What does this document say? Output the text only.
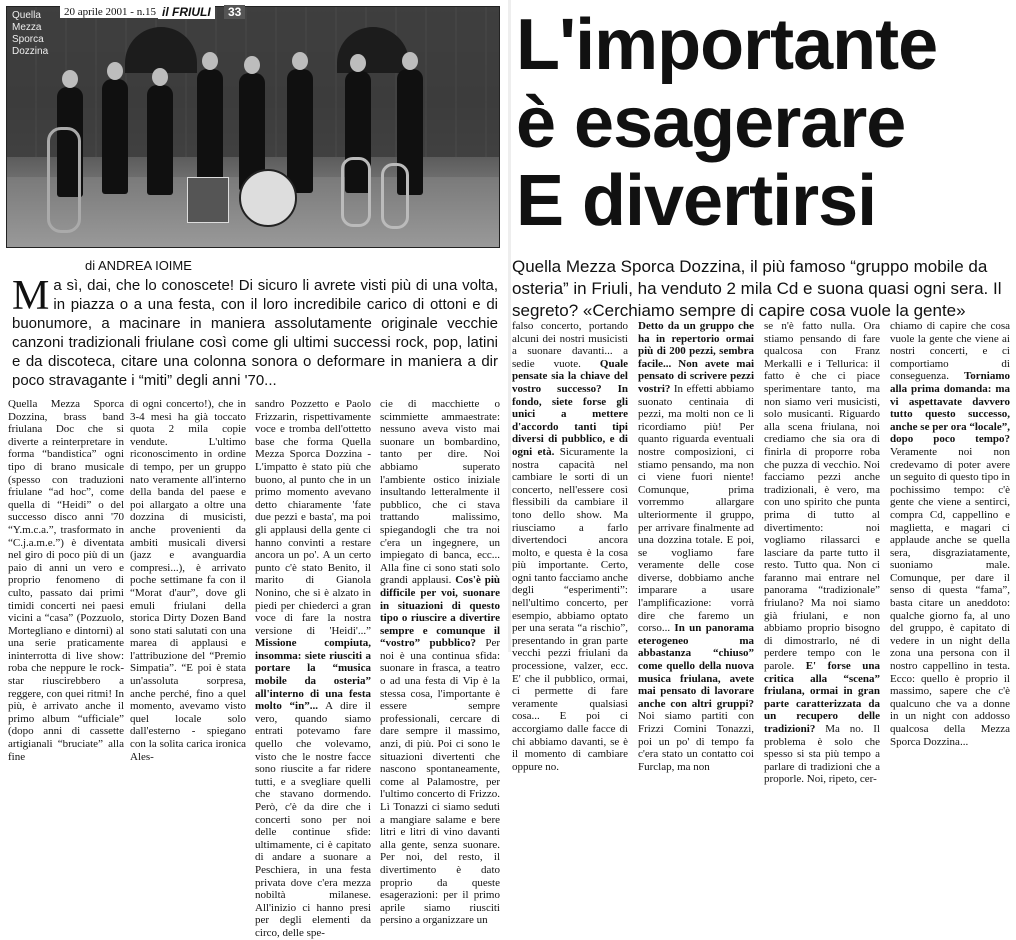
Quella Mezza Sporca Dozzina
20 aprile 2001 - n.15 il FRIULI	33
di ANDREA IOIME
Ma sì, dai, che lo conoscete! Di sicuro li avrete visti più di una volta, in piazza o a una festa, con il loro incredibile carico di ottoni e di buonumore, a macinare in maniera assolutamente originale vecchie canzoni tradizionali friulane così come gli ultimi successi rock, pop, latini e da discoteca, citare una colonna sonora o deformare in maniera a dir poco stravagante i “miti” degli anni '70...
Quella Mezza Sporca Dozzina, brass band friulana Doc che si diverte a reinterpretare in forma “bandistica” ogni tipo di brano musicale (spesso con traduzioni friulane “ad hoc”, come quella di “Heidi” o del successo disco anni '70 “Y.m.c.a.”, trasformato in “C.j.a.m.e.”) è diventata nel giro di poco più di un paio di anni un vero e proprio fenomeno di culto, passato dai primi timidi concerti nei paesi vicini a “casa” (Pozzuolo, Mortegliano e dintorni) al una serie praticamente ininterrotta di live show: roba che neppure le rock-star riuscirebbero a reggere, con quei ritmi! In più, è arrivato anche il primo album “ufficiale” (dopo anni di cassette artigianali “bruciate” alla fine
di ogni concerto!), che in 3-4 mesi ha già toccato quota 2 mila copie vendute. L'ultimo riconoscimento in ordine di tempo, per un gruppo nato veramente all'interno della banda del paese e poi allargato a oltre una dozzina di musicisti, anche provenienti da ambiti musicali diversi (jazz e avanguardia compresi...), è arrivato poche settimane fa con il “Morat d'aur”, dove gli emuli friulani della storica Dirty Dozen Band sono stati salutati con una marea di applausi e l'attribuzione del “Premio Simpatia”. “E poi è stata un'assoluta sorpresa, anche perché, fino a quel momento, avevamo visto quel locale solo dall'esterno - spiegano con la solita carica ironica Ales-
sandro Pozzetto e Paolo Frizzarin, rispettivamente voce e tromba dell'ottetto base che forma Quella Mezza Sporca Dozzina - L'impatto è stato più che buono, al punto che in un primo momento avevano detto chiaramente 'fate due pezzi e basta', ma poi gli applausi della gente ci hanno convinti a restare ancora un po'. A un certo punto c'è stato Benito, il marito di Gianola Nonino, che si è alzato in piedi per chiederci a gran voce di fare la nostra versione di 'Heidi'...” Missione compiuta, insomma: siete riusciti a portare la “musica mobile da osteria” all'interno di una festa molto “in”... A dire il vero, quando siamo entrati potevamo fare quello che volevamo, visto che le nostre facce sono riuscite a far ridere tutti, e a svegliare quelli che stavano dormendo. Però, c'è da dire che i concerti sono per noi delle continue sfide: ultimamente, ci è capitato di andare a suonare a Peschiera, in una festa privata dove c'era mezza nobiltà milanese. All'inizio ci hanno presi per degli elementi da circo, delle spe-
cie di macchiette o scimmiette ammaestrate: nessuno aveva visto mai suonare un bombardino, tanto per dire. Noi abbiamo superato l'ambiente ostico iniziale insultando letteralmente il pubblico, che ci stava trattando malissimo, spiegandogli che tra noi c'era un ingegnere, un impiegato di banca, ecc... Alla fine ci sono stati solo grandi applausi. Cos'è più difficile per voi, suonare in situazioni di questo tipo o riuscire a divertire sempre e comunque il “vostro” pubblico? Per noi è una continua sfida: suonare in frasca, a teatro o ad una festa di Vip è la stessa cosa, l'importante è essere sempre professionali, cercare di dare sempre il massimo, anzi, di più. Poi ci sono le situazioni divertenti che nascono spontaneamente, come al Palamostre, per l'ultimo concerto di Frizzo. Lì Tonazzi ci siamo seduti a mangiare salame e bere litri e litri di vino davanti alla gente, senza suonare. Per noi, del resto, il divertimento è dato proprio da queste esagerazioni: per il primo aprile siamo riusciti persino a organizzare un
L'importante
è esagerare
E divertirsi
Quella Mezza Sporca Dozzina, il più famoso “gruppo mobile da osteria” in Friuli, ha venduto 2 mila Cd e suona quasi ogni sera. Il segreto? «Cerchiamo sempre di capire cosa vuole la gente»
falso concerto, portando alcuni dei nostri musicisti a suonare davanti... a sedie vuote. Quale pensate sia la chiave del vostro successo? In fondo, siete forse gli unici a mettere d'accordo tanti tipi diversi di pubblico, e di ogni età. Sicuramente la nostra capacità nel cambiare le sorti di un concerto, nell'essere così flessibili da cambiare il tono dello show. Ma riusciamo a farlo divertendoci ancora molto, e questa è la cosa più importante. Certo, ogni tanto facciamo anche degli “esperimenti”: nell'ultimo concerto, per esempio, abbiamo optato per una serata “a rischio”, presentando in gran parte vecchi pezzi friulani da processione, valzer, ecc. E' che il pubblico, ormai, ci permette di fare veramente qualsiasi cosa... E poi ci accorgiamo dalle facce di chi abbiamo davanti, se è il momento di cambiare oppure no.
Detto da un gruppo che ha in repertorio ormai più di 200 pezzi, sembra facile... Non avete mai pensato di scrivere pezzi vostri? In effetti abbiamo suonato centinaia di pezzi, ma molti non ce li ricordiamo più! Per quanto riguarda eventuali nostre composizioni, ci stiamo pensando, ma non ci viene fuori niente! Comunque, prima vorremmo allargare ulteriormente il gruppo, per arrivare finalmente ad una dozzina totale. E poi, se vogliamo fare veramente delle cose diverse, dobbiamo anche imparare a usare l'amplificazione: vorrà dire che faremo un corso... In un panorama eterogeneo ma abbastanza “chiuso” come quello della nuova musica friulana, avete mai pensato di lavorare anche con altri gruppi? Noi siamo partiti con Frizzi Comini Tonazzi, poi un po' di tempo fa c'era stato un contatto coi Furclap, ma non
se n'è fatto nulla. Ora stiamo pensando di fare qualcosa con Franz Merkalli e i Tellurica: il fatto è che ci piace sperimentare tanto, ma non siamo veri musicisti, solo musicanti. Riguardo alla scena friulana, noi crediamo che sia ora di finirla di proporre roba che puzza di vecchio. Noi facciamo pezzi anche tradizionali, è vero, ma con uno spirito che punta prima di tutto al divertimento: noi vogliamo rilassarci e lasciare da parte tutto il resto. Tutto qua. Non ci faranno mai entrare nel panorama “tradizionale” friulano? Ma noi siamo già friulani, e non abbiamo proprio bisogno di dimostrarlo, né di perdere tempo con le parole. E' forse una critica alla “scena” friulana, ormai in gran parte caratterizzata da un recupero delle tradizioni? Ma no. Il problema è solo che spesso si sta più tempo a parlare di tradizioni che a proporle. Noi, ripeto, cer-
chiamo di capire che cosa vuole la gente che viene ai nostri concerti, e ci comportiamo di conseguenza. Torniamo alla prima domanda: ma vi aspettavate davvero tutto questo successo, anche se per ora “locale”, dopo poco tempo? Veramente noi non credevamo di poter avere un seguito di questo tipo in pochissimo tempo: c'è gente che viene a sentirci, compra Cd, cappellino e maglietta, e magari ci applaude anche se quella sera, disgraziatamente, suoniamo male. Comunque, per dare il senso di questa “fama”, basta citare un aneddoto: qualche giorno fa, al uno del gruppo, è capitato di vedere in un night della zona una persona con il nostro cappellino in testa. Ecco: quello è proprio il massimo, sapere che c'è qualcuno che va a donne in un night con addosso qualcosa della Mezza Sporca Dozzina...
